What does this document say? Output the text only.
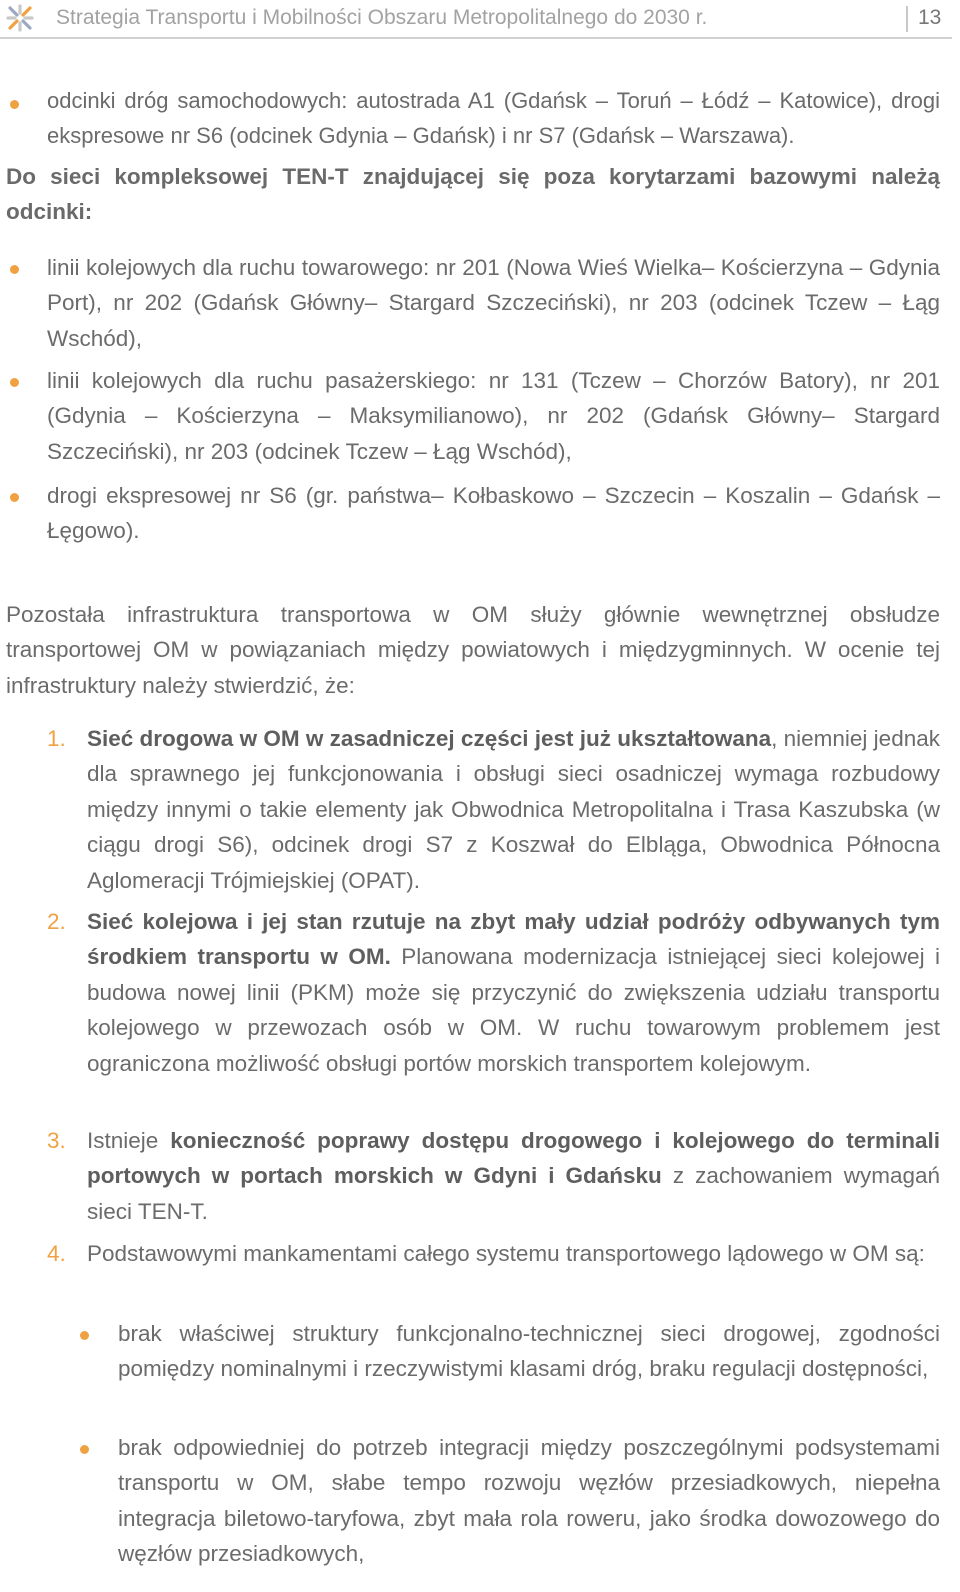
Strategia Transportu i Mobilności Obszaru Metropolitalnego do 2030 r.	13
odcinki dróg samochodowych: autostrada A1 (Gdańsk – Toruń – Łódź – Katowice), drogi ekspresowe nr S6 (odcinek Gdynia – Gdańsk) i nr S7 (Gdańsk – Warszawa).
Do sieci kompleksowej TEN-T znajdującej się poza korytarzami bazowymi należą odcinki:
linii kolejowych dla ruchu towarowego: nr 201 (Nowa Wieś Wielka– Kościerzyna – Gdynia Port), nr 202 (Gdańsk Główny– Stargard Szczeciński), nr 203 (odcinek Tczew – Łąg Wschód),
linii kolejowych dla ruchu pasażerskiego: nr 131 (Tczew – Chorzów Batory), nr 201 (Gdynia – Kościerzyna – Maksymilianowo), nr 202 (Gdańsk Główny– Stargard Szczeciński), nr 203 (odcinek Tczew – Łąg Wschód),
drogi ekspresowej nr S6 (gr. państwa– Kołbaskowo – Szczecin – Koszalin – Gdańsk – Łęgowo).
Pozostała infrastruktura transportowa w OM służy głównie wewnętrznej obsłudze transportowej OM w powiązaniach między powiatowych i międzygminnych. W ocenie tej infrastruktury należy stwierdzić, że:
1. Sieć drogowa w OM w zasadniczej części jest już ukształtowana, niemniej jednak dla sprawnego jej funkcjonowania i obsługi sieci osadniczej wymaga rozbudowy między innymi o takie elementy jak Obwodnica Metropolitalna i Trasa Kaszubska (w ciągu drogi S6), odcinek drogi S7 z Koszwał do Elbląga, Obwodnica Północna Aglomeracji Trójmiejskiej (OPAT).
2. Sieć kolejowa i jej stan rzutuje na zbyt mały udział podróży odbywanych tym środkiem transportu w OM. Planowana modernizacja istniejącej sieci kolejowej i budowa nowej linii (PKM) może się przyczynić do zwiększenia udziału transportu kolejowego w przewozach osób w OM. W ruchu towarowym problemem jest ograniczona możliwość obsługi portów morskich transportem kolejowym.
3. Istnieje konieczność poprawy dostępu drogowego i kolejowego do terminali portowych w portach morskich w Gdyni i Gdańsku z zachowaniem wymagań sieci TEN-T.
4. Podstawowymi mankamentami całego systemu transportowego lądowego w OM są:
brak właściwej struktury funkcjonalno-technicznej sieci drogowej, zgodności pomiędzy nominalnymi i rzeczywistymi klasami dróg, braku regulacji dostępności,
brak odpowiedniej do potrzeb integracji między poszczególnymi podsystemami transportu w OM, słabe tempo rozwoju węzłów przesiadkowych, niepełna integracja biletowo-taryfowa, zbyt mała rola roweru, jako środka dowozowego do węzłów przesiadkowych,
